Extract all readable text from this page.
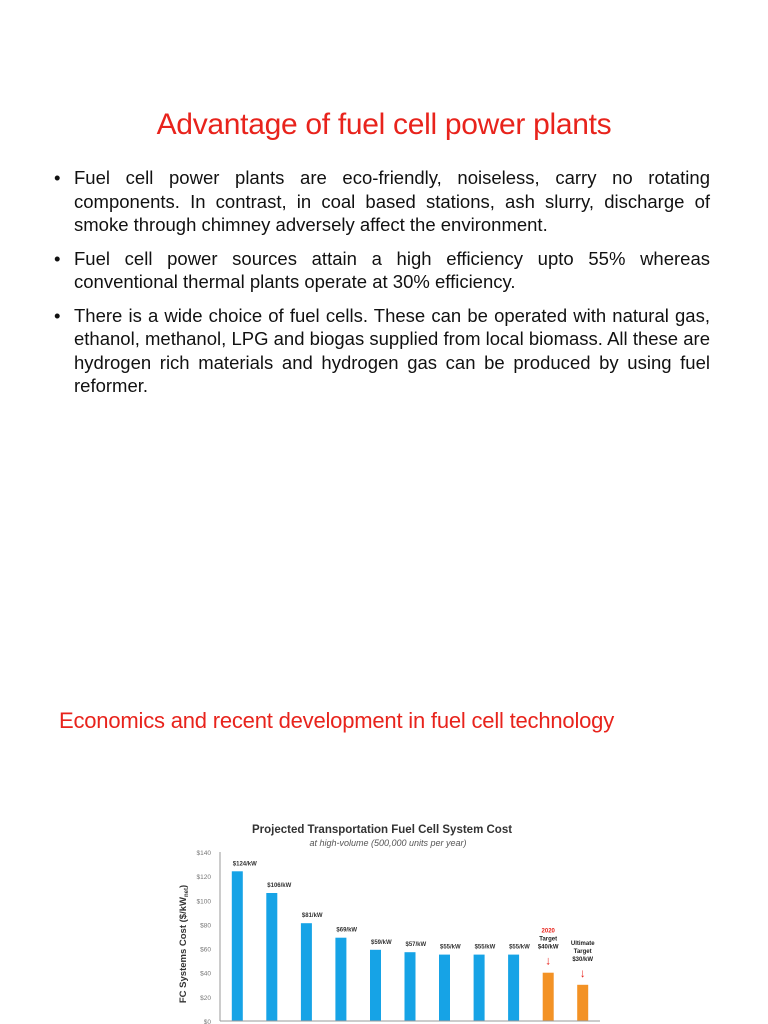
Advantage of fuel cell power plants
• Fuel cell power plants are eco-friendly, noiseless, carry no rotating components. In contrast, in coal based stations, ash slurry, discharge of smoke through chimney adversely affect the environment.
• Fuel cell power sources attain a high efficiency upto 55% whereas conventional thermal plants operate at 30% efficiency.
• There is a wide choice of fuel cells. These can be operated with natural gas, ethanol, methanol, LPG and biogas supplied from local biomass. All these are hydrogen rich materials and hydrogen gas can be produced by using fuel reformer.
Economics and recent development in fuel cell technology
Projected Transportation Fuel Cell System Cost
at high-volume (500,000 units per year)
FC Systems Cost $(\$/kW_{net})$
$0
$20
$40
$60
$80
$100
$120
$140
$124/kW
$106/kW
$81/kW
$69/kW
$59/kW $57/kW $55/kW $55/kW $55/kW
↓
2020
Target
$40/kW
↓
Ultimate
Target
$30/kW
